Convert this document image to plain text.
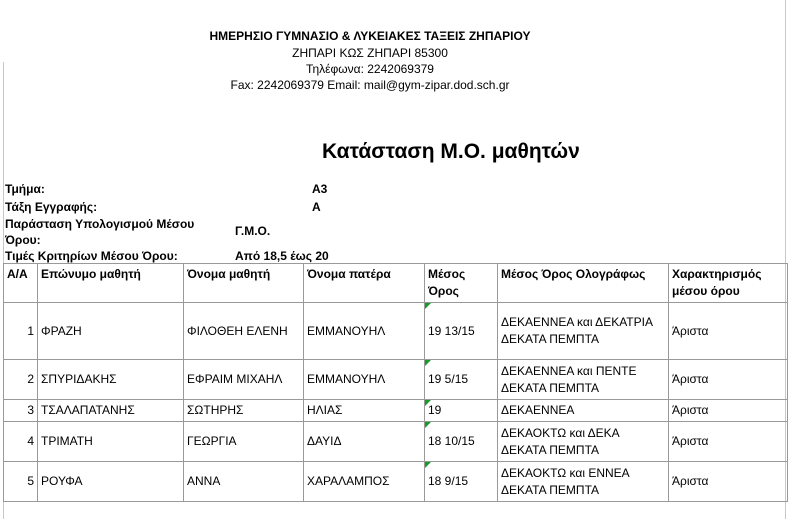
ΗΜΕΡΗΣΙΟ ΓΥΜΝΑΣΙΟ & ΛΥΚΕΙΑΚΕΣ ΤΑΞΕΙΣ ΖΗΠΑΡΙΟΥ
ΖΗΠΑΡΙ ΚΩΣ ΖΗΠΑΡΙ 85300
Τηλέφωνα: 2242069379
Fax: 2242069379 Email: mail@gym-zipar.dod.sch.gr
Κατάσταση Μ.Ο. μαθητών
Τμήμα:	Α3
Τάξη Εγγραφής:	Α
Παράσταση Υπολογισμού Μέσου
Όρου:
Γ.Μ.Ο.
Τιμές Κριτηρίων Μέσου Όρου:	Από 18,5 έως 20
Α/Α	Επώνυμο μαθητή	Όνομα μαθητή	Όνομα πατέρα	Μέσος
Όρος	Μέσος Όρος Ολογράφως	Χαρακτηρισμός
μέσου όρου
1	ΦΡΑΖΗ	ΦΙΛΟΘΕΗ ΕΛΕΝΗ	ΕΜΜΑΝΟΥΗΛ	19 13/15	ΔΕΚΑΕΝΝΕΑ και ΔΕΚΑΤΡΙΑ ΔΕΚΑΤΑ ΠΕΜΠΤΑ	Άριστα
2	ΣΠΥΡΙΔΑΚΗΣ	ΕΦΡΑΙΜ ΜΙΧΑΗΛ	ΕΜΜΑΝΟΥΗΛ	19 5/15	ΔΕΚΑΕΝΝΕΑ και ΠΕΝΤΕ ΔΕΚΑΤΑ ΠΕΜΠΤΑ	Άριστα
3	ΤΣΑΛΑΠΑΤΑΝΗΣ	ΣΩΤΗΡΗΣ	ΗΛΙΑΣ	19	ΔΕΚΑΕΝΝΕΑ	Άριστα
4	ΤΡΙΜΑΤΗ	ΓΕΩΡΓΙΑ	ΔΑΥΙΔ	18 10/15	ΔΕΚΑΟΚΤΩ και ΔΕΚΑ ΔΕΚΑΤΑ ΠΕΜΠΤΑ	Άριστα
5	ΡΟΥΦΑ	ΑΝΝΑ	ΧΑΡΑΛΑΜΠΟΣ	18 9/15	ΔΕΚΑΟΚΤΩ και ΕΝΝΕΑ ΔΕΚΑΤΑ ΠΕΜΠΤΑ	Άριστα
